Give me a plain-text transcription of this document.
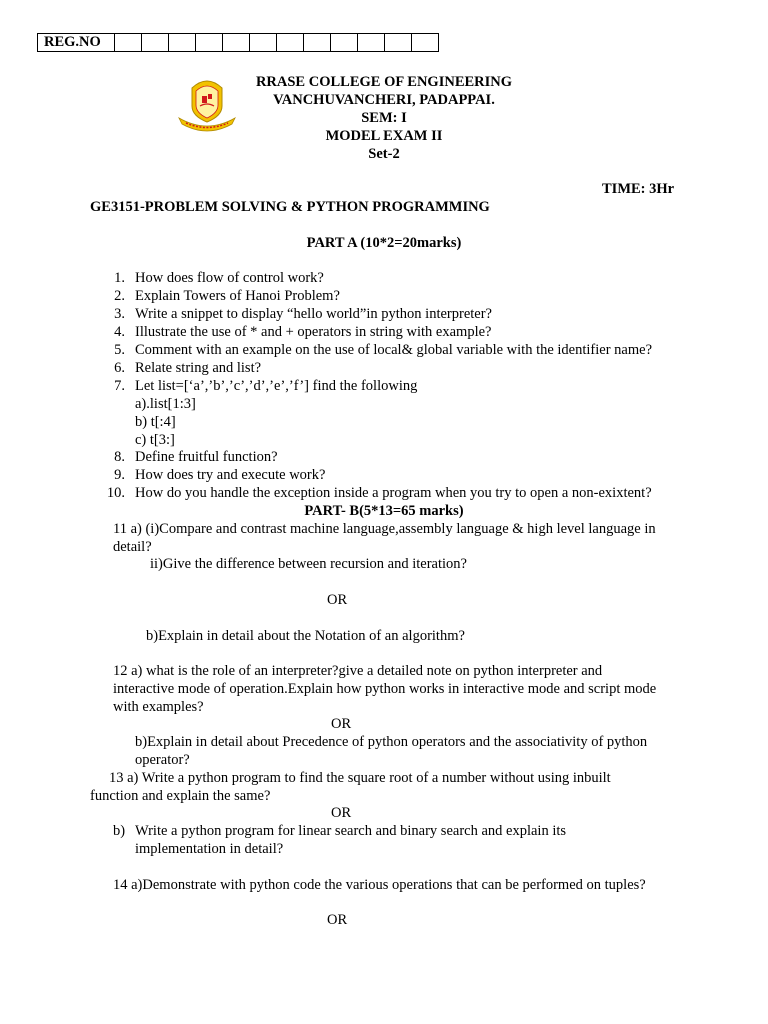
REG.NO												
RRASE COLLEGE OF ENGINEERING
VANCHUVANCHERI, PADAPPAI.
SEM: I
MODEL EXAM II
Set-2
TIME: 3Hr
GE3151-PROBLEM SOLVING & PYTHON PROGRAMMING
PART A (10*2=20marks)
1. How does flow of control work?
2. Explain Towers of Hanoi Problem?
3. Write a snippet to display “hello world”in python interpreter?
4. Illustrate the use of * and + operators in string with example?
5. Comment with an example on the use of local& global variable with the identifier name?
6. Relate string and list?
7. Let list=[‘a’,’b’,’c’,’d’,’e’,’f’] find the following
a).list[1:3]
b) t[:4]
c) t[3:]
8. Define fruitful function?
9. How does try and execute work?
10. How do you handle the exception inside a program when you try to open a non-exixtent?
PART- B(5*13=65 marks)
11 a) (i)Compare and contrast machine language,assembly language & high level language in
detail?
ii)Give the difference between recursion and iteration?
OR
b)Explain in detail about the Notation of an algorithm?
12 a) what is the role of an interpreter?give a detailed note on python interpreter and
interactive mode of operation.Explain how python works in interactive mode and script mode
with examples?
OR
b)Explain in detail about Precedence of python operators and the associativity of python
operator?
13 a) Write a python program to find the square root of a number without using inbuilt
function and explain the same?
OR
b) Write a python program for linear search and binary search and explain its
implementation in detail?
14 a)Demonstrate with python code the various operations that can be performed on tuples?
OR
